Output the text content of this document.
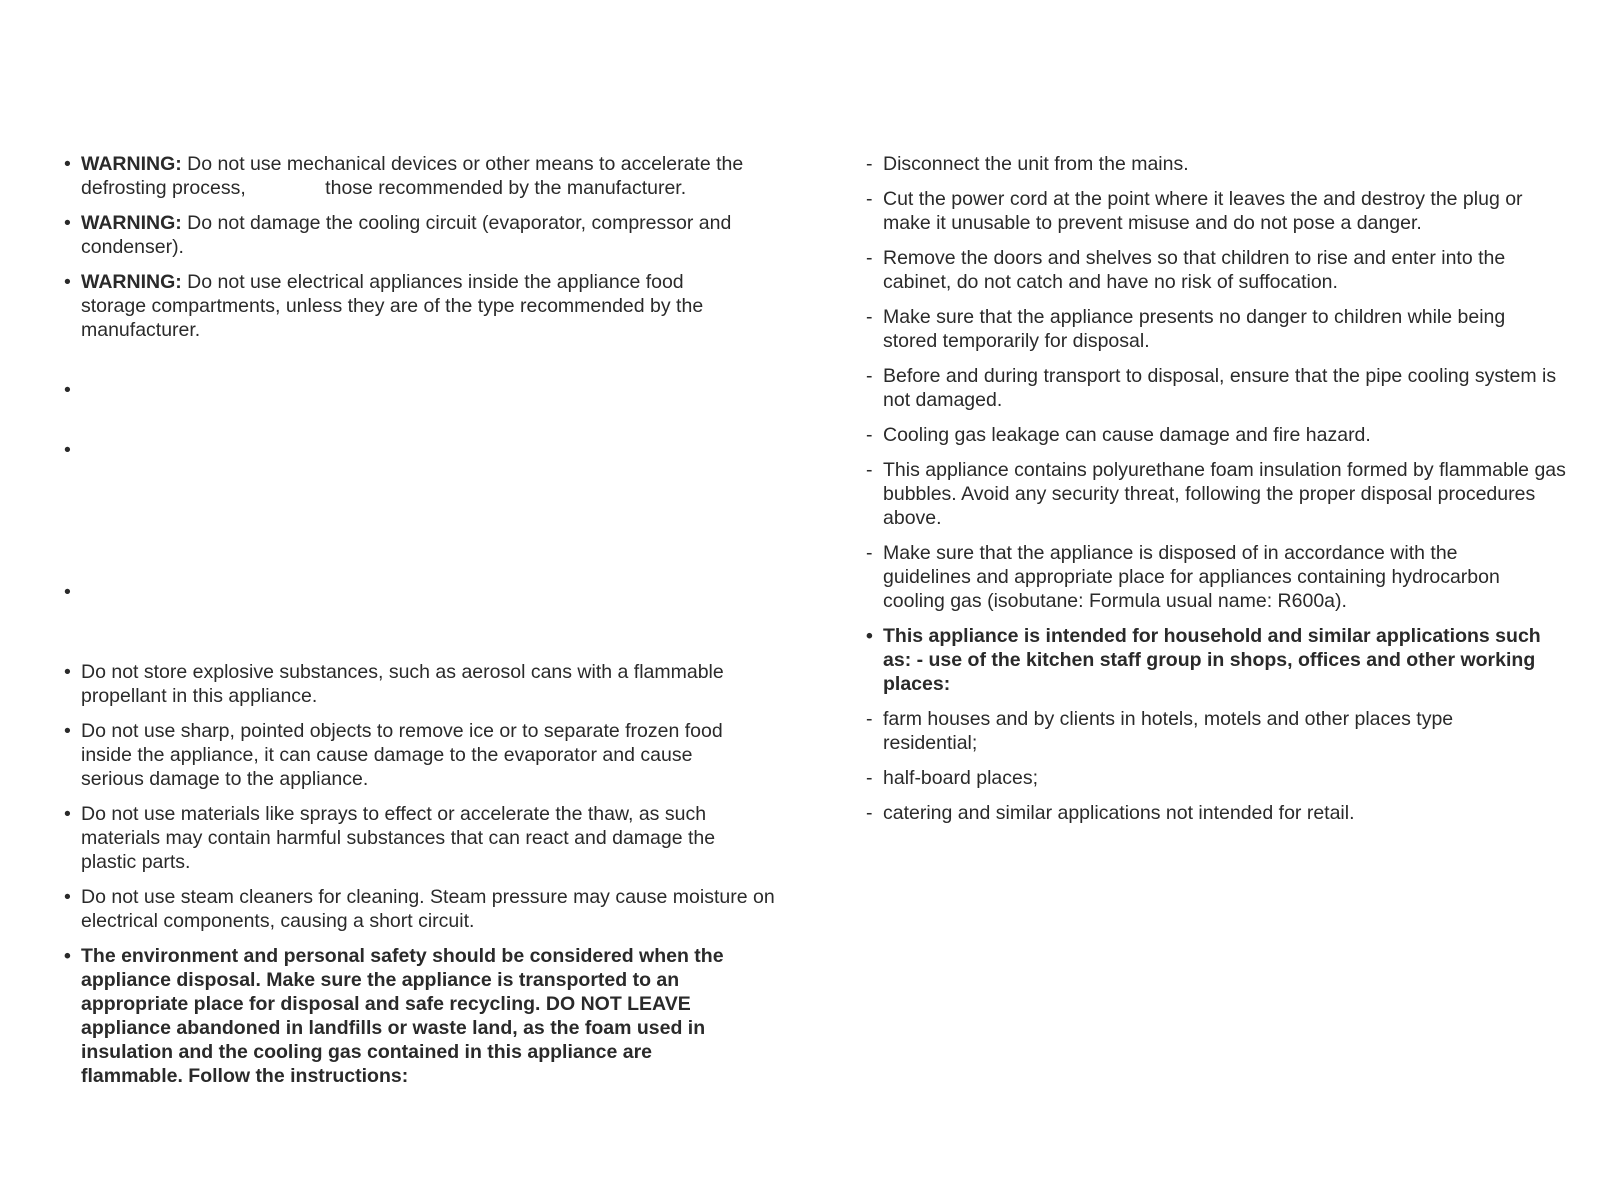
• WARNING: Do not use mechanical devices or other means to accelerate the defrosting process,	those recommended by the manufacturer.
• WARNING: Do not damage the cooling circuit (evaporator, compressor and condenser).
• WARNING: Do not use electrical appliances inside the appliance food storage compartments, unless they are of the type recommended by the manufacturer.
•
•
•
• Do not store explosive substances, such as aerosol cans with a flammable propellant in this appliance.
• Do not use sharp, pointed objects to remove ice or to separate frozen food inside the appliance, it can cause damage to the evaporator and cause serious damage to the appliance.
• Do not use materials like sprays to effect or accelerate the thaw, as such materials may contain harmful substances that can react and damage the plastic parts.
• Do not use steam cleaners for cleaning. Steam pressure may cause moisture on electrical components, causing a short circuit.
• The environment and personal safety should be considered when the appliance disposal. Make sure the appliance is transported to an appropriate place for disposal and safe recycling. DO NOT LEAVE appliance abandoned in landfills or waste land, as the foam used in insulation and the cooling gas contained in this appliance are flammable. Follow the instructions:
- Disconnect the unit from the mains.
- Cut the power cord at the point where it leaves the and destroy the plug or make it unusable to prevent misuse and do not pose a danger.
- Remove the doors and shelves so that children to rise and enter into the cabinet, do not catch and have no risk of suffocation.
- Make sure that the appliance presents no danger to children while being stored temporarily for disposal.
- Before and during transport to disposal, ensure that the pipe cooling system is not damaged.
- Cooling gas leakage can cause damage and fire hazard.
- This appliance contains polyurethane foam insulation formed by flammable gas bubbles. Avoid any security threat, following the proper disposal procedures above.
- Make sure that the appliance is disposed of in accordance with the guidelines and appropriate place for appliances containing hydrocarbon cooling gas (isobutane: Formula usual name: R600a).
• This appliance is intended for household and similar applications such as: - use of the kitchen staff group in shops, offices and other working places:
- farm houses and by clients in hotels, motels and other places type residential;
- half-board places;
- catering and similar applications not intended for retail.
